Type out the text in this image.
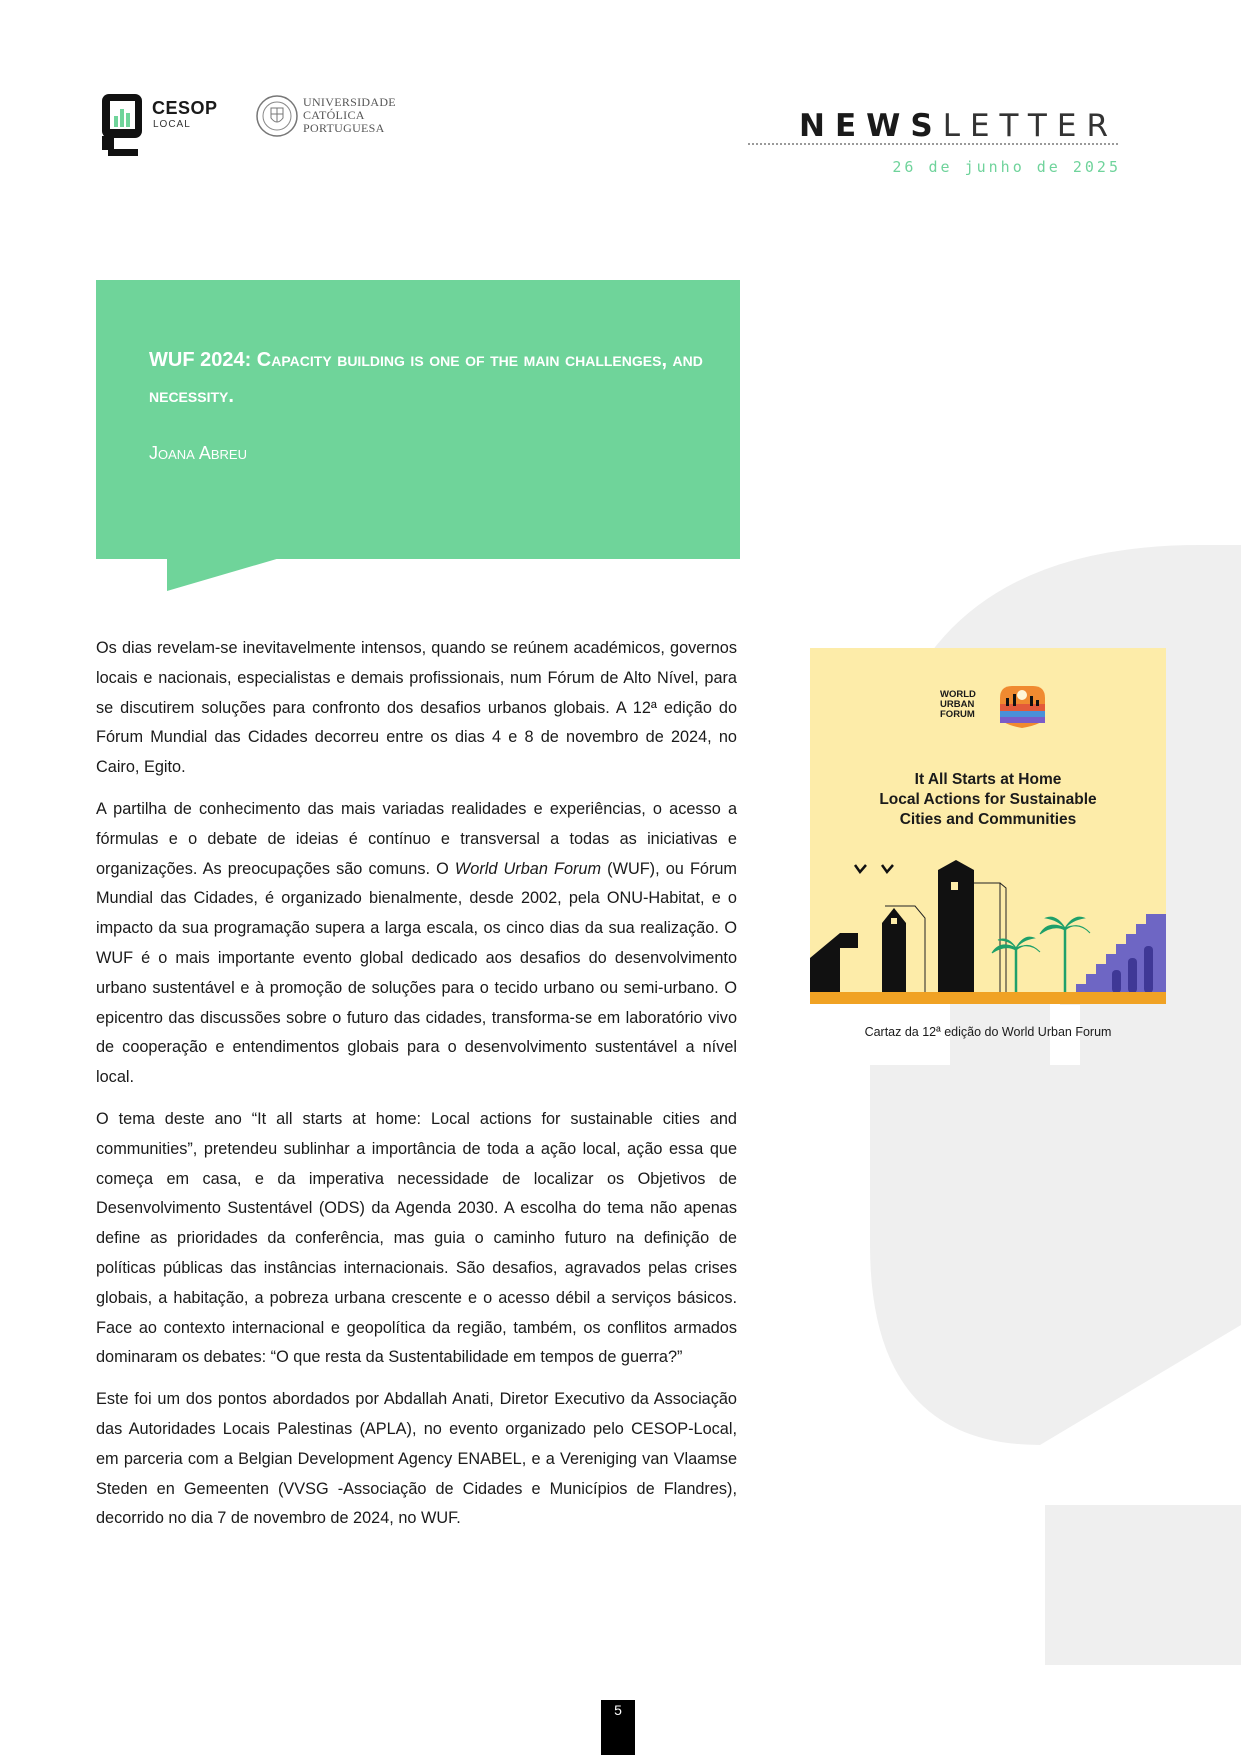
CESOP
LOCAL
UNIVERSIDADE
CATÓLICA
PORTUGUESA	NEWSLETTER
26 de junho de 2025
WUF 2024: Capacity building is one of the main challenges, and necessity.
Joana Abreu

Os dias revelam-se inevitavelmente intensos, quando se reúnem académicos, governos locais e nacionais, especialistas e demais profissionais, num Fórum de Alto Nível, para se discutirem soluções para confronto dos desafios urbanos globais. A 12ª edição do Fórum Mundial das Cidades decorreu entre os dias 4 e 8 de novembro de 2024, no Cairo, Egito.

A partilha de conhecimento das mais variadas realidades e experiências, o acesso a fórmulas e o debate de ideias é contínuo e transversal a todas as iniciativas e organizações. As preocupações são comuns. O World Urban Forum (WUF), ou Fórum Mundial das Cidades, é organizado bienalmente, desde 2002, pela ONU-Habitat, e o impacto da sua programação supera a larga escala, os cinco dias da sua realização. O WUF é o mais importante evento global dedicado aos desafios do desenvolvimento urbano sustentável e à promoção de soluções para o tecido urbano ou semi-urbano. O epicentro das discussões sobre o futuro das cidades, transforma-se em laboratório vivo de cooperação e entendimentos globais para o desenvolvimento sustentável a nível local.

O tema deste ano “It all starts at home: Local actions for sustainable cities and communities”, pretendeu sublinhar a importância de toda a ação local, ação essa que começa em casa, e da imperativa necessidade de localizar os Objetivos de Desenvolvimento Sustentável (ODS) da Agenda 2030. A escolha do tema não apenas define as prioridades da conferência, mas guia o caminho futuro na definição de políticas públicas das instâncias internacionais. São desafios, agravados pelas crises globais, a habitação, a pobreza urbana crescente e o acesso débil a serviços básicos. Face ao contexto internacional e geopolítica da região, também, os conflitos armados dominaram os debates: “O que resta da Sustentabilidade em tempos de guerra?”

Este foi um dos pontos abordados por Abdallah Anati, Diretor Executivo da Associação das Autoridades Locais Palestinas (APLA), no evento organizado pelo CESOP-Local, em parceria com a Belgian Development Agency ENABEL, e a Vereniging van Vlaamse Steden en Gemeenten (VVSG -Associação de Cidades e Municípios de Flandres), decorrido no dia 7 de novembro de 2024, no WUF.

WORLD
URBAN
FORUM
It All Starts at Home
Local Actions for Sustainable
Cities and Communities
Cartaz da 12ª edição do World Urban Forum
5
